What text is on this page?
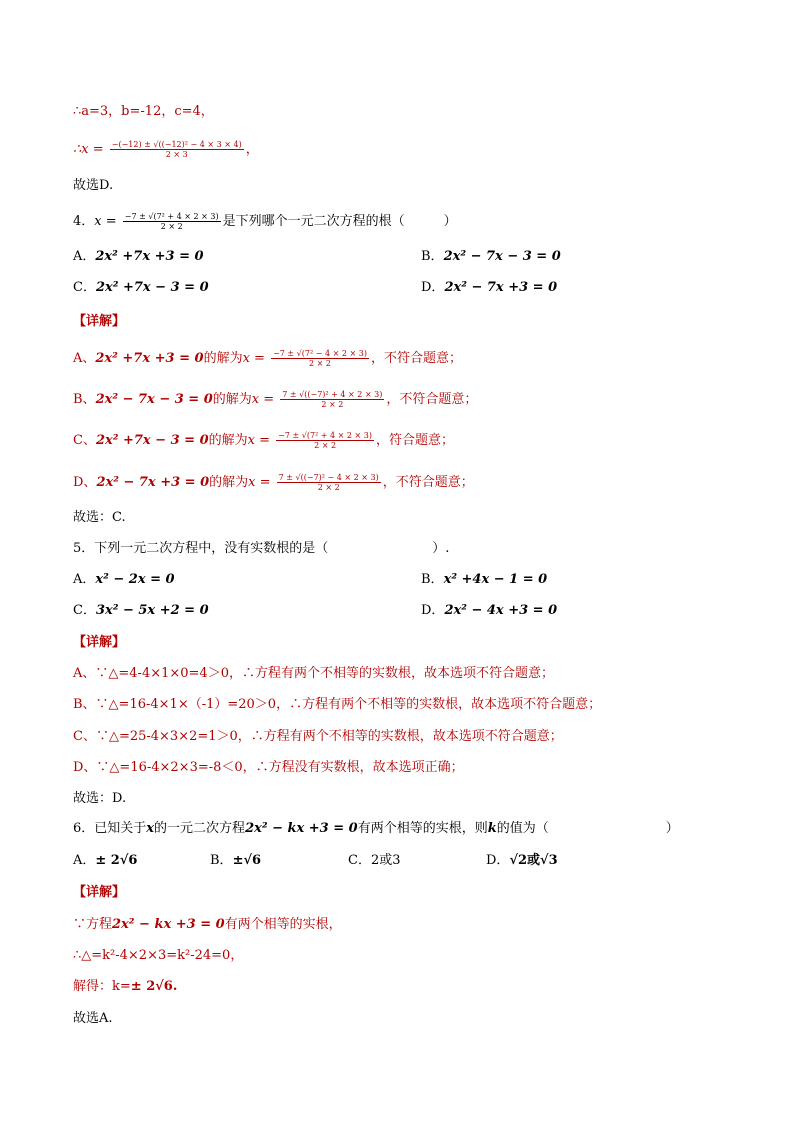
∴a=3，b=-12，c=4，
∴x = $\frac{\text{−(−12) ± √((−12)² − 4 × 3 × 4)}}{2 \times 3}$ ，
故选D.
4．$x = \frac{\text{−7 ± √(7² + 4 × 2 × 3)}}{2 \times 2}$ 是下列哪个一元二次方程的根（　　　）
A．2x² +7x +3 = 0	B．2x² − 7x − 3 = 0
C．2x² +7x − 3 = 0	D．2x² − 7x +3 = 0
【详解】
A、2x² +7x +3 = 0的解为$x = \frac{\text{−7 ± √(7² − 4 × 2 × 3)}}{2 \times 2}$ ，不符合题意；
B、2x² − 7x − 3 = 0的解为$x = \frac{\text{7 ± √((−7)² + 4 × 2 × 3)}}{2 \times 2}$ ，不符合题意；
C、2x² +7x − 3 = 0的解为$x = \frac{\text{−7 ± √(7² + 4 × 2 × 3)}}{2 \times 2}$ ，符合题意；
D、2x² − 7x +3 = 0的解为$x = \frac{\text{7 ± √((−7)² − 4 × 2 × 3)}}{2 \times 2}$ ，不符合题意；
故选：C.
5．下列一元二次方程中，没有实数根的是（　　　　　　　　）.
A．x² − 2x = 0	B．x² +4x − 1 = 0
C．3x² − 5x +2 = 0	D．2x² − 4x +3 = 0
【详解】
A、∵△=4-4×1×0=4＞0，∴方程有两个不相等的实数根，故本选项不符合题意；
B、∵△=16-4×1×（-1）=20＞0，∴方程有两个不相等的实数根，故本选项不符合题意；
C、∵△=25-4×3×2=1＞0，∴方程有两个不相等的实数根，故本选项不符合题意；
D、∵△=16-4×2×3=-8＜0，∴方程没有实数根，故本选项正确；
故选：D.
6．已知关于x的一元二次方程2x² − kx +3 = 0有两个相等的实根，则k的值为（　　　　　　　　　）
A．± 2√6	B．±√6	C．2或3	D．√2或√3
【详解】
∵方程2x² − kx +3 = 0有两个相等的实根，
∴△=k²-4×2×3=k²-24=0，
解得：k=± 2√6.
故选A.
